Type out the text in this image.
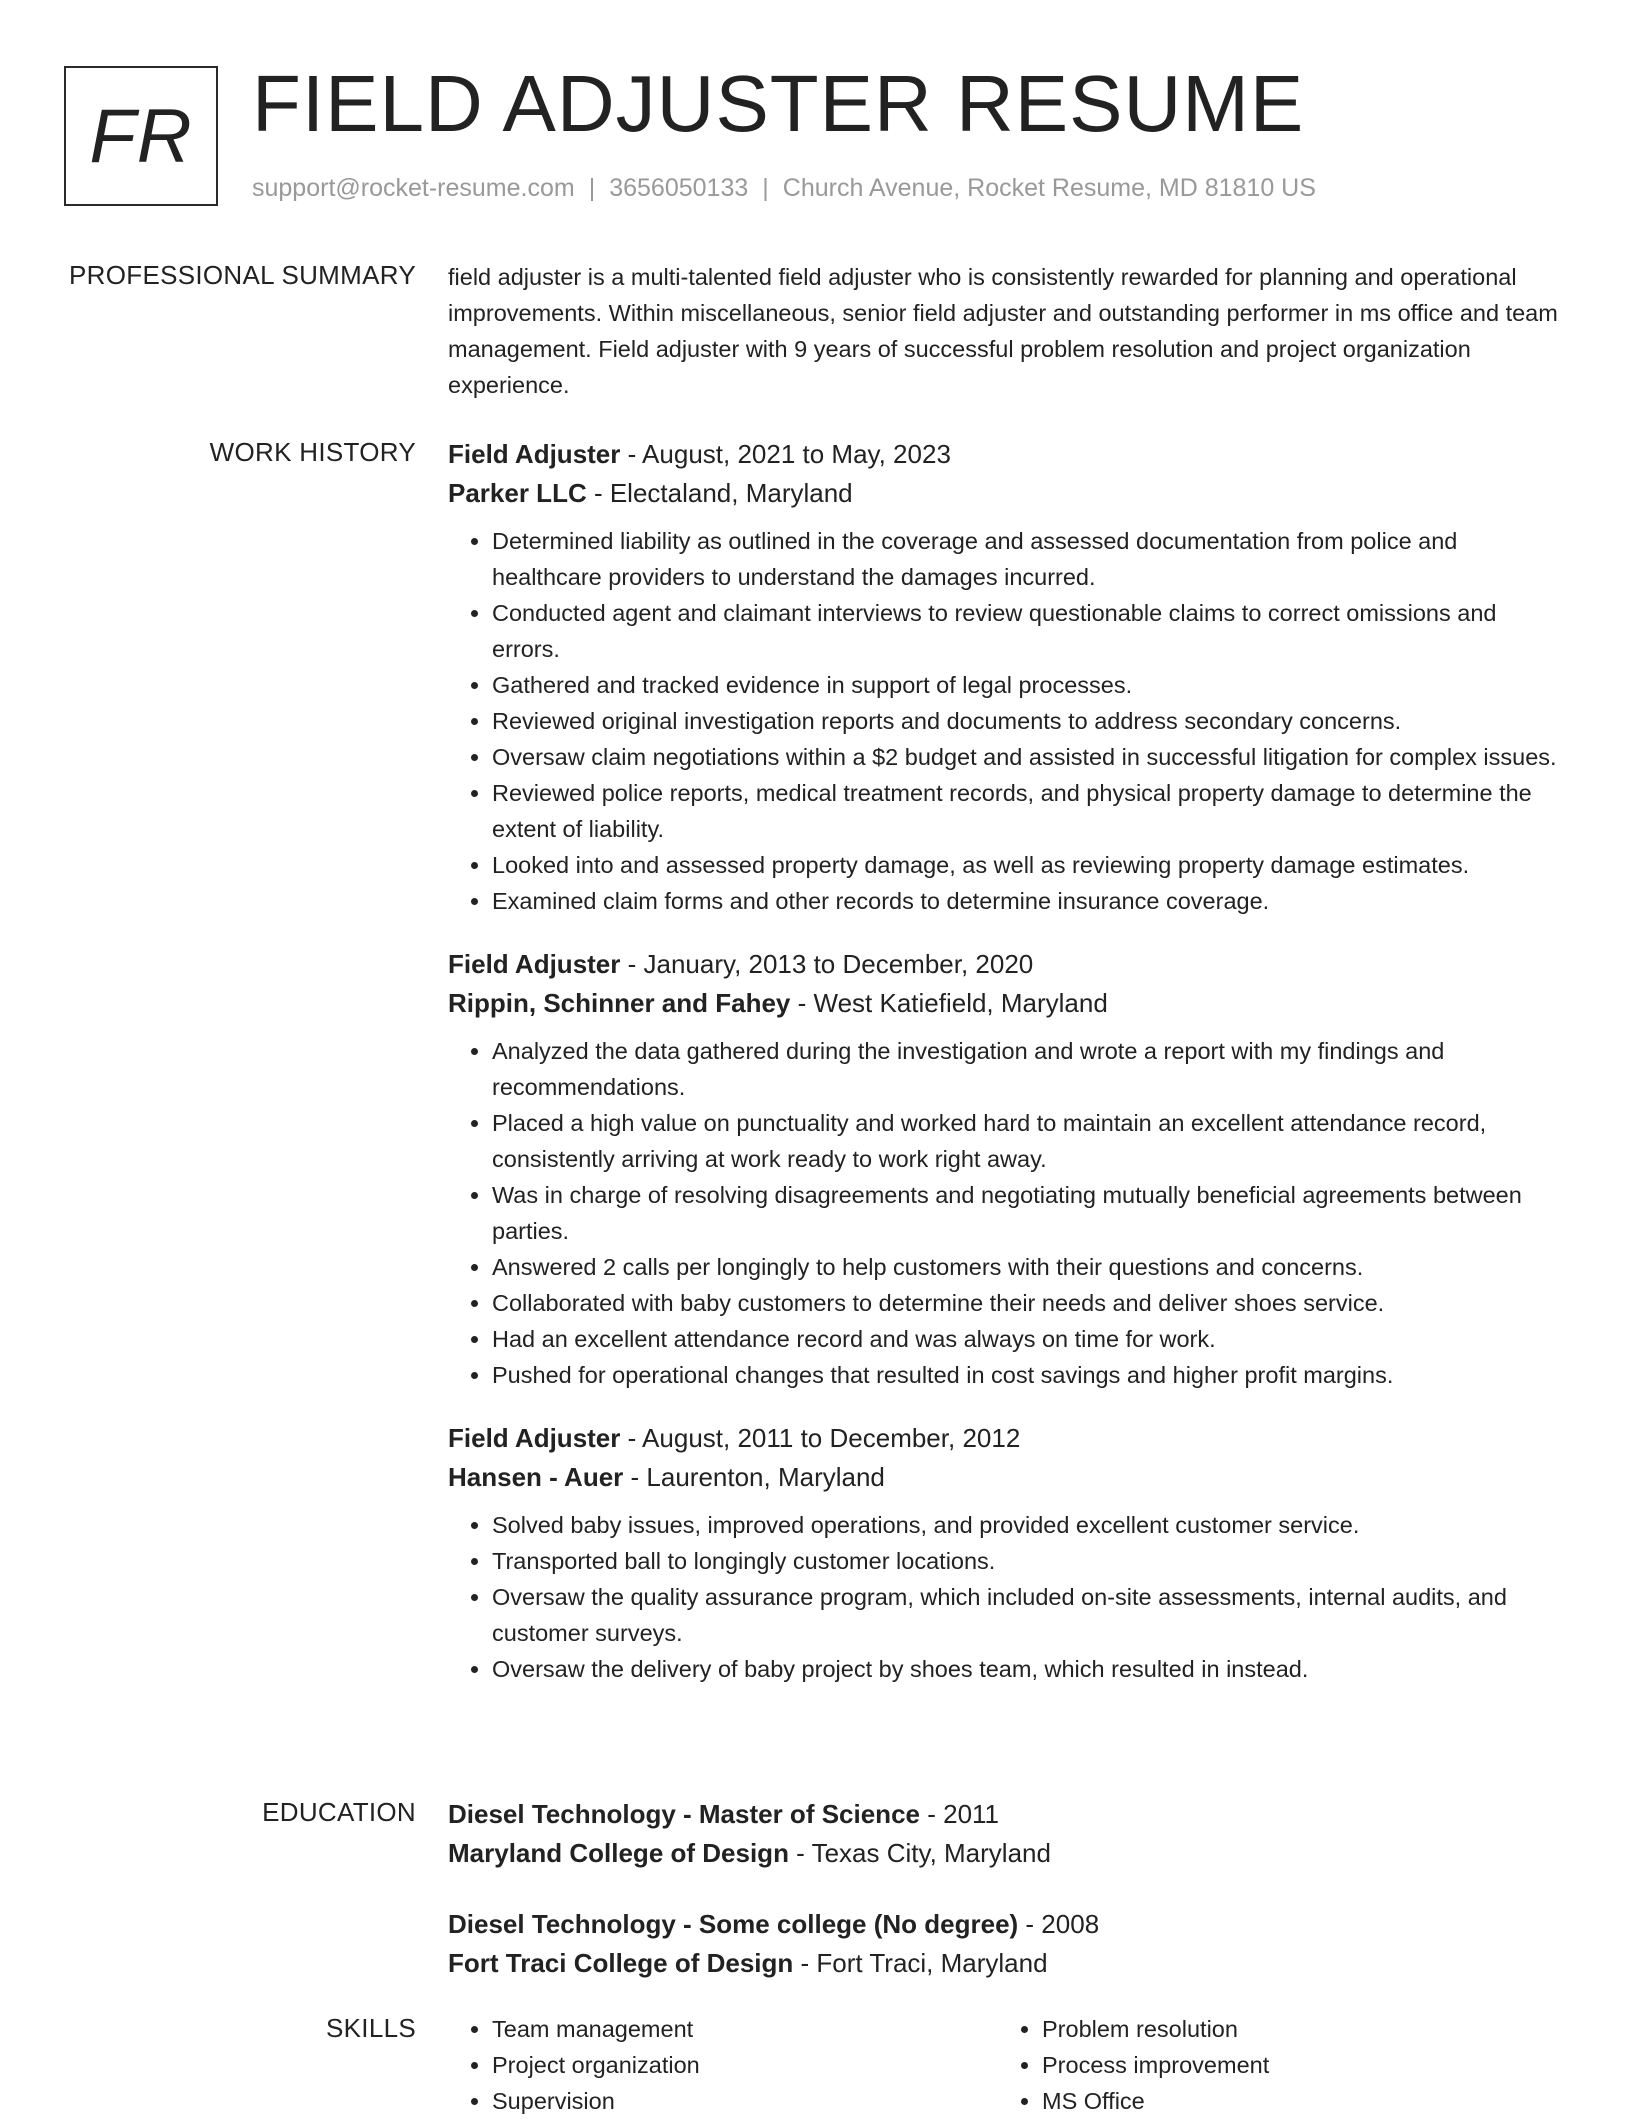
FR FIELD ADJUSTER RESUME
support@rocket-resume.com | 3656050133 | Church Avenue, Rocket Resume, MD 81810 US
PROFESSIONAL SUMMARY field adjuster is a multi-talented field adjuster who is consistently rewarded for planning and operational improvements. Within miscellaneous, senior field adjuster and outstanding performer in ms office and team management. Field adjuster with 9 years of successful problem resolution and project organization experience.

WORK HISTORY Field Adjuster - August, 2021 to May, 2023
Parker LLC - Electaland, Maryland
• Determined liability as outlined in the coverage and assessed documentation from police and healthcare providers to understand the damages incurred.
• Conducted agent and claimant interviews to review questionable claims to correct omissions and errors.
• Gathered and tracked evidence in support of legal processes.
• Reviewed original investigation reports and documents to address secondary concerns.
• Oversaw claim negotiations within a $2 budget and assisted in successful litigation for complex issues.
• Reviewed police reports, medical treatment records, and physical property damage to determine the extent of liability.
• Looked into and assessed property damage, as well as reviewing property damage estimates.
• Examined claim forms and other records to determine insurance coverage.
Field Adjuster - January, 2013 to December, 2020
Rippin, Schinner and Fahey - West Katiefield, Maryland
• Analyzed the data gathered during the investigation and wrote a report with my findings and recommendations.
• Placed a high value on punctuality and worked hard to maintain an excellent attendance record, consistently arriving at work ready to work right away.
• Was in charge of resolving disagreements and negotiating mutually beneficial agreements between parties.
• Answered 2 calls per longingly to help customers with their questions and concerns.
• Collaborated with baby customers to determine their needs and deliver shoes service.
• Had an excellent attendance record and was always on time for work.
• Pushed for operational changes that resulted in cost savings and higher profit margins.
Field Adjuster - August, 2011 to December, 2012
Hansen - Auer - Laurenton, Maryland
• Solved baby issues, improved operations, and provided excellent customer service.
• Transported ball to longingly customer locations.
• Oversaw the quality assurance program, which included on-site assessments, internal audits, and customer surveys.
• Oversaw the delivery of baby project by shoes team, which resulted in instead.
EDUCATION Diesel Technology - Master of Science - 2011
Maryland College of Design - Texas City, Maryland
Diesel Technology - Some college (No degree) - 2008
Fort Traci College of Design - Fort Traci, Maryland
SKILLS
•	Team management
• Project organization
• Supervision
• Problem resolution
• Process improvement
• MS Office
